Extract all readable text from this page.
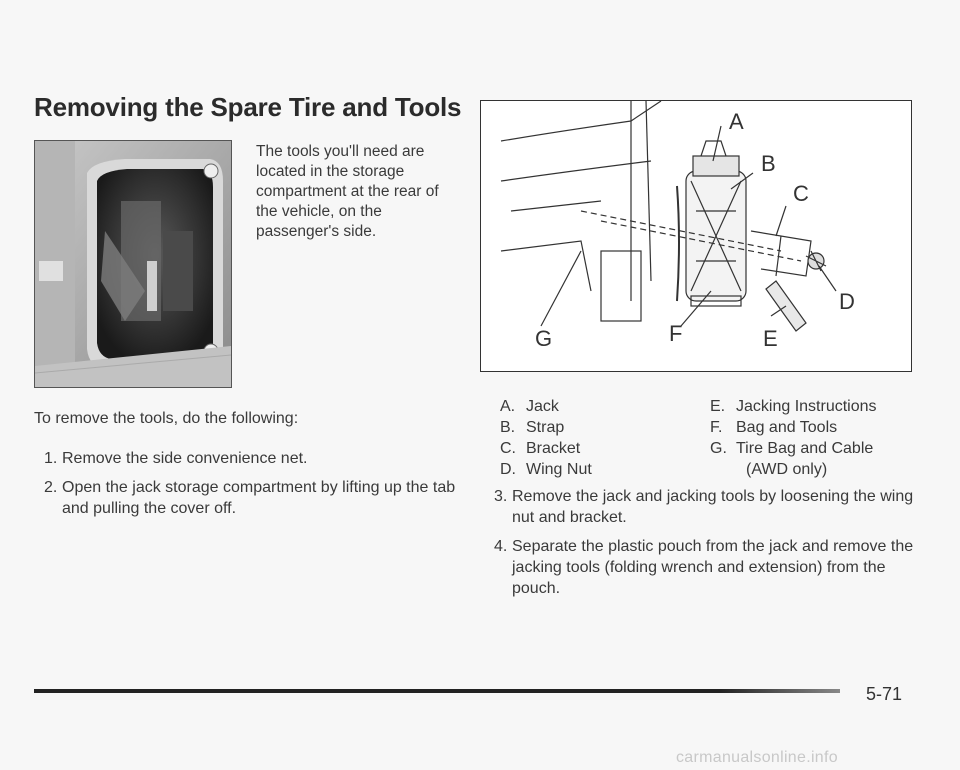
Removing the Spare Tire and Tools
The tools you'll need are located in the storage compartment at the rear of the vehicle, on the passenger's side.
A
B
C
D
E
F
G
To remove the tools, do the following:
1. Remove the side convenience net.
2. Open the jack storage compartment by lifting up the tab and pulling the cover off.
A. Jack
B. Strap
C. Bracket
D. Wing Nut
E. Jacking Instructions
F. Bag and Tools
G. Tire Bag and Cable
(AWD only)
3. Remove the jack and jacking tools by loosening the wing nut and bracket.
4. Separate the plastic pouch from the jack and remove the jacking tools (folding wrench and extension) from the pouch.
5-71
carmanualsonline.info
